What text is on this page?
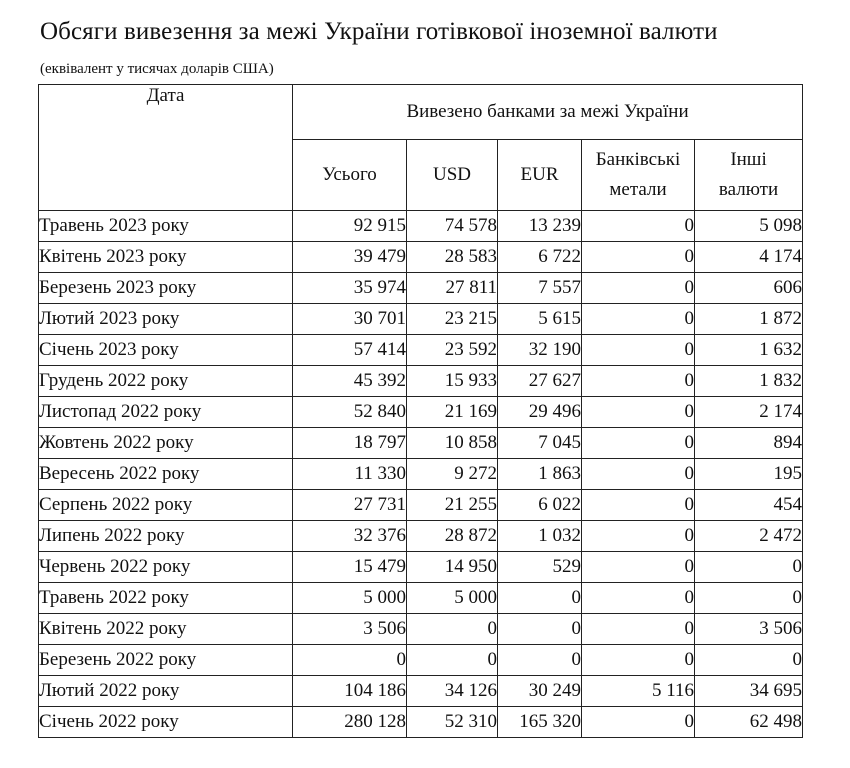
Обсяги вивезення за межі України готівкової іноземної валюти
(еквівалент у тисячах доларів США)
Дата	Вивезено банками за межі України				
	Усього	USD	EUR	Банківські
метали	Інші
валюти
Травень 2023 року	92 915	74 578	13 239	0	5 098
Квітень 2023 року	39 479	28 583	6 722	0	4 174
Березень 2023 року	35 974	27 811	7 557	0	606
Лютий 2023 року	30 701	23 215	5 615	0	1 872
Січень 2023 року	57 414	23 592	32 190	0	1 632
Грудень 2022 року	45 392	15 933	27 627	0	1 832
Листопад 2022 року	52 840	21 169	29 496	0	2 174
Жовтень 2022 року	18 797	10 858	7 045	0	894
Вересень 2022 року	11 330	9 272	1 863	0	195
Серпень 2022 року	27 731	21 255	6 022	0	454
Липень 2022 року	32 376	28 872	1 032	0	2 472
Червень 2022 року	15 479	14 950	529	0	0
Травень 2022 року	5 000	5 000	0	0	0
Квітень 2022 року	3 506	0	0	0	3 506
Березень 2022 року	0	0	0	0	0
Лютий 2022 року	104 186	34 126	30 249	5 116	34 695
Січень 2022 року	280 128	52 310	165 320	0	62 498
